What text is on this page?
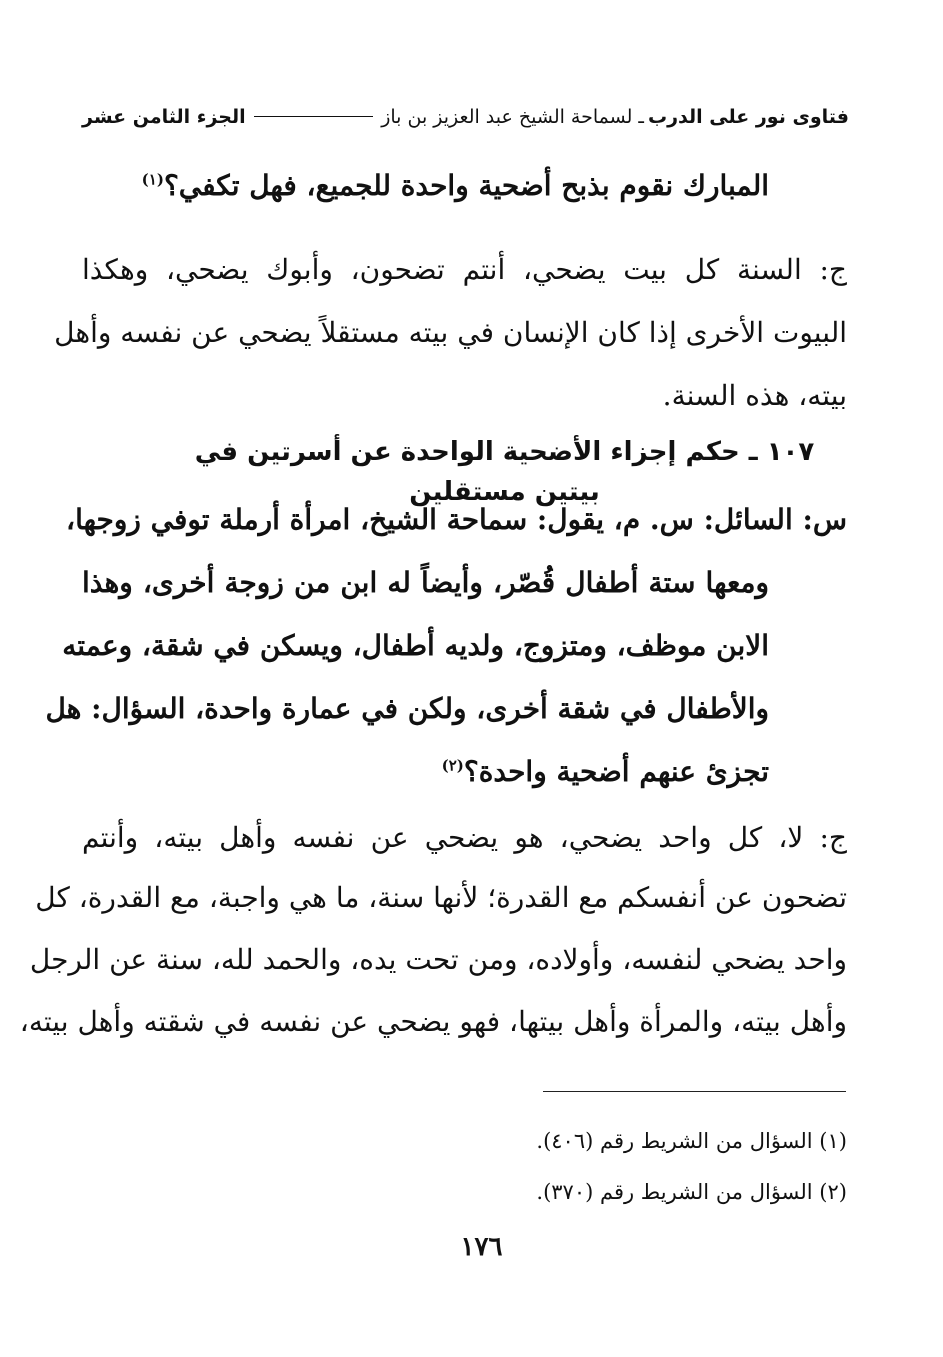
فتاوى نور على الدرب
ـ لسماحة الشيخ عبد العزيز بن باز
الجزء الثامن عشر
المبارك نقوم بذبح أضحية واحدة للجميع، فهل تكفي؟$^{(١)}$
ج: السنة كل بيت يضحي، أنتم تضحون، وأبوك يضحي، وهكذا
البيوت الأخرى إذا كان الإنسان في بيته مستقلاً يضحي عن نفسه وأهل
بيته، هذه السنة.
١٠٧ ـ حكم إجزاء الأضحية الواحدة عن أسرتين في بيتين مستقلين
س: السائل: س. م، يقول: سماحة الشيخ، امرأة أرملة توفي زوجها،
ومعها ستة أطفال قُصّر، وأيضاً له ابن من زوجة أخرى، وهذا
الابن موظف، ومتزوج، ولديه أطفال، ويسكن في شقة، وعمته
والأطفال في شقة أخرى، ولكن في عمارة واحدة، السؤال: هل
تجزئ عنهم أضحية واحدة؟$^{(٢)}$
ج: لا، كل واحد يضحي، هو يضحي عن نفسه وأهل بيته، وأنتم
تضحون عن أنفسكم مع القدرة؛ لأنها سنة، ما هي واجبة، مع القدرة، كل
واحد يضحي لنفسه، وأولاده، ومن تحت يده، والحمد لله، سنة عن الرجل
وأهل بيته، والمرأة وأهل بيتها، فهو يضحي عن نفسه في شقته وأهل بيته،
(١) السؤال من الشريط رقم (٤٠٦).
(٢) السؤال من الشريط رقم (٣٧٠).
١٧٦
